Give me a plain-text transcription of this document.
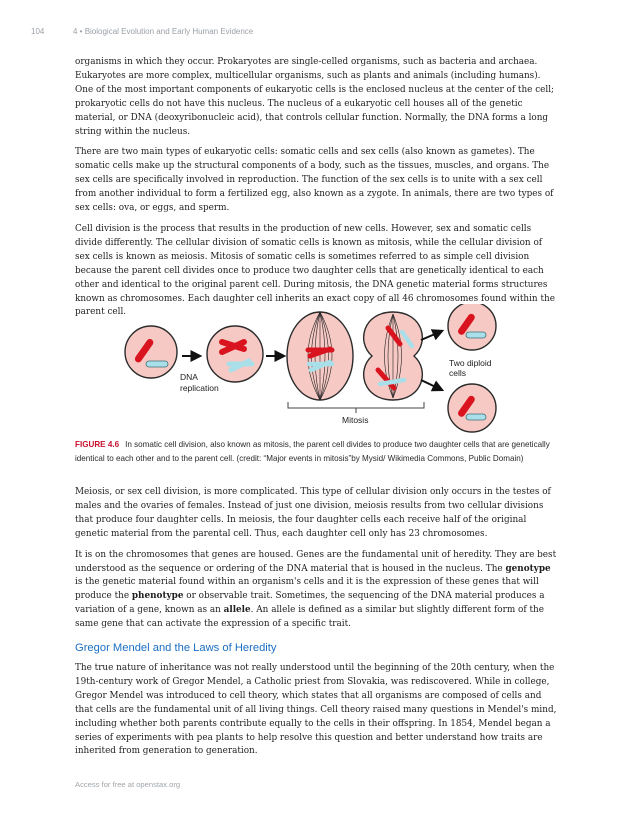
104	4 • Biological Evolution and Early Human Evidence

organisms in which they occur. Prokaryotes are single-celled organisms, such as bacteria and archaea. Eukaryotes are more complex, multicellular organisms, such as plants and animals (including humans). One of the most important components of eukaryotic cells is the enclosed nucleus at the center of the cell; prokaryotic cells do not have this nucleus. The nucleus of a eukaryotic cell houses all of the genetic material, or DNA (deoxyribonucleic acid), that controls cellular function. Normally, the DNA forms a long string within the nucleus.

There are two main types of eukaryotic cells: somatic cells and sex cells (also known as gametes). The somatic cells make up the structural components of a body, such as the tissues, muscles, and organs. The sex cells are specifically involved in reproduction. The function of the sex cells is to unite with a sex cell from another individual to form a fertilized egg, also known as a zygote. In animals, there are two types of sex cells: ova, or eggs, and sperm.

Cell division is the process that results in the production of new cells. However, sex and somatic cells divide differently. The cellular division of somatic cells is known as mitosis, while the cellular division of sex cells is known as meiosis. Mitosis of somatic cells is sometimes referred to as simple cell division because the parent cell divides once to produce two daughter cells that are genetically identical to each other and identical to the original parent cell. During mitosis, the DNA genetic material forms structures known as chromosomes. Each daughter cell inherits an exact copy of all 46 chromosomes found within the parent cell.

DNA
replication
Two diploid
cells
Mitosis
FIGURE 4.6 In somatic cell division, also known as mitosis, the parent cell divides to produce two daughter cells that are genetically identical to each other and to the parent cell. (credit: “Major events in mitosis”by Mysid/ Wikimedia Commons, Public Domain)

Meiosis, or sex cell division, is more complicated. This type of cellular division only occurs in the testes of males and the ovaries of females. Instead of just one division, meiosis results from two cellular divisions that produce four daughter cells. In meiosis, the four daughter cells each receive half of the original genetic material from the parental cell. Thus, each daughter cell only has 23 chromosomes.

It is on the chromosomes that genes are housed. Genes are the fundamental unit of heredity. They are best understood as the sequence or ordering of the DNA material that is housed in the nucleus. The genotype is the genetic material found within an organism's cells and it is the expression of these genes that will produce the phenotype or observable trait. Sometimes, the sequencing of the DNA material produces a variation of a gene, known as an allele. An allele is defined as a similar but slightly different form of the same gene that can activate the expression of a specific trait.

Gregor Mendel and the Laws of Heredity

The true nature of inheritance was not really understood until the beginning of the 20th century, when the 19th-century work of Gregor Mendel, a Catholic priest from Slovakia, was rediscovered. While in college, Gregor Mendel was introduced to cell theory, which states that all organisms are composed of cells and that cells are the fundamental unit of all living things. Cell theory raised many questions in Mendel's mind, including whether both parents contribute equally to the cells in their offspring. In 1854, Mendel began a series of experiments with pea plants to help resolve this question and better understand how traits are inherited from generation to generation.

Access for free at openstax.org
